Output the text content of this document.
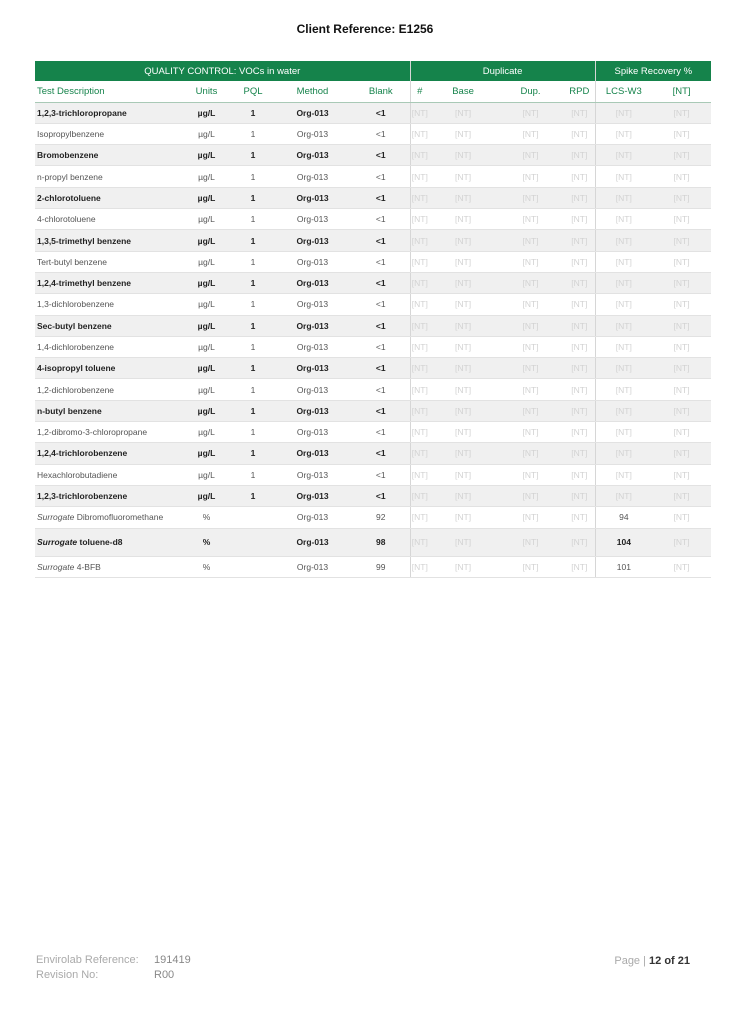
Client Reference: E1256
QUALITY CONTROL: VOCs in water					Duplicate				Spike Recovery %	
Test Description	Units	PQL	Method	Blank	#	Base	Dup.	RPD	LCS-W3	[NT]
1,2,3-trichloropropane	µg/L	1	Org-013	<1	[NT]	[NT]	[NT]	[NT]	[NT]	[NT]
Isopropylbenzene	µg/L	1	Org-013	<1	[NT]	[NT]	[NT]	[NT]	[NT]	[NT]
Bromobenzene	µg/L	1	Org-013	<1	[NT]	[NT]	[NT]	[NT]	[NT]	[NT]
n-propyl benzene	µg/L	1	Org-013	<1	[NT]	[NT]	[NT]	[NT]	[NT]	[NT]
2-chlorotoluene	µg/L	1	Org-013	<1	[NT]	[NT]	[NT]	[NT]	[NT]	[NT]
4-chlorotoluene	µg/L	1	Org-013	<1	[NT]	[NT]	[NT]	[NT]	[NT]	[NT]
1,3,5-trimethyl benzene	µg/L	1	Org-013	<1	[NT]	[NT]	[NT]	[NT]	[NT]	[NT]
Tert-butyl benzene	µg/L	1	Org-013	<1	[NT]	[NT]	[NT]	[NT]	[NT]	[NT]
1,2,4-trimethyl benzene	µg/L	1	Org-013	<1	[NT]	[NT]	[NT]	[NT]	[NT]	[NT]
1,3-dichlorobenzene	µg/L	1	Org-013	<1	[NT]	[NT]	[NT]	[NT]	[NT]	[NT]
Sec-butyl benzene	µg/L	1	Org-013	<1	[NT]	[NT]	[NT]	[NT]	[NT]	[NT]
1,4-dichlorobenzene	µg/L	1	Org-013	<1	[NT]	[NT]	[NT]	[NT]	[NT]	[NT]
4-isopropyl toluene	µg/L	1	Org-013	<1	[NT]	[NT]	[NT]	[NT]	[NT]	[NT]
1,2-dichlorobenzene	µg/L	1	Org-013	<1	[NT]	[NT]	[NT]	[NT]	[NT]	[NT]
n-butyl benzene	µg/L	1	Org-013	<1	[NT]	[NT]	[NT]	[NT]	[NT]	[NT]
1,2-dibromo-3-chloropropane	µg/L	1	Org-013	<1	[NT]	[NT]	[NT]	[NT]	[NT]	[NT]
1,2,4-trichlorobenzene	µg/L	1	Org-013	<1	[NT]	[NT]	[NT]	[NT]	[NT]	[NT]
Hexachlorobutadiene	µg/L	1	Org-013	<1	[NT]	[NT]	[NT]	[NT]	[NT]	[NT]
1,2,3-trichlorobenzene	µg/L	1	Org-013	<1	[NT]	[NT]	[NT]	[NT]	[NT]	[NT]
Surrogate Dibromofluoromethane	%		Org-013	92	[NT]	[NT]	[NT]	[NT]	94	[NT]
Surrogate toluene-d8	%		Org-013	98	[NT]	[NT]	[NT]	[NT]	104	[NT]
Surrogate 4-BFB	%		Org-013	99	[NT]	[NT]	[NT]	[NT]	101	[NT]
Envirolab Reference: 191419
Revision No:	R00
Page | 12 of 21
